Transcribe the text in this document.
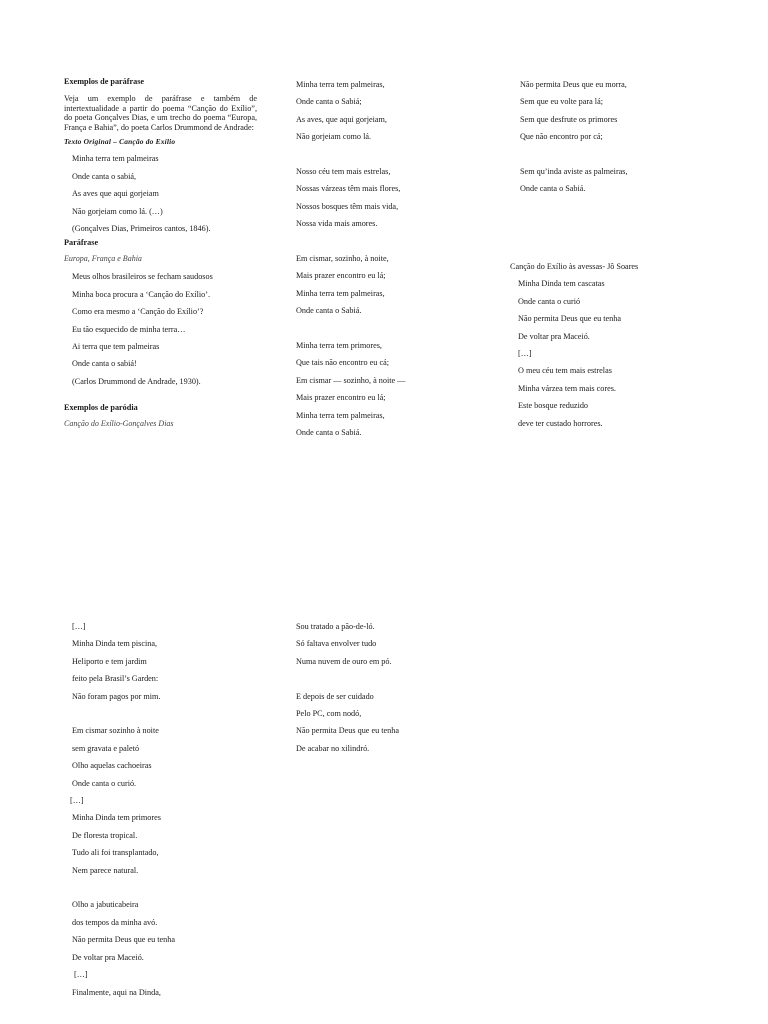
Exemplos de paráfrase
Veja um exemplo de paráfrase e também de intertextualidade a partir do poema “Canção do Exílio”, do poeta Gonçalves Dias, e um trecho do poema “Europa, França e Bahia”, do poeta Carlos Drummond de Andrade:
Texto Original – Canção do Exílio
Minha terra tem palmeiras
Onde canta o sabiá,
As aves que aqui gorjeiam
Não gorjeiam como lá. (…)
(Gonçalves Dias, Primeiros cantos, 1846).
Paráfrase
Europa, França e Bahia
Meus olhos brasileiros se fecham saudosos
Minha boca procura a ‘Canção do Exílio’.
Como era mesmo a ‘Canção do Exílio’?
Eu tão esquecido de minha terra…
Ai terra que tem palmeiras
Onde canta o sabiá!
(Carlos Drummond de Andrade, 1930).
Exemplos de paródia
Canção do Exílio-Gonçalves Dias
Minha terra tem palmeiras,
Onde canta o Sabiá;
As aves, que aqui gorjeiam,
Não gorjeiam como lá.
Nosso céu tem mais estrelas,
Nossas várzeas têm mais flores,
Nossos bosques têm mais vida,
Nossa vida mais amores.
Em cismar, sozinho, à noite,
Mais prazer encontro eu lá;
Minha terra tem palmeiras,
Onde canta o Sabiá.
Minha terra tem primores,
Que tais não encontro eu cá;
Em cismar — sozinho, à noite —
Mais prazer encontro eu lá;
Minha terra tem palmeiras,
Onde canta o Sabiá.
Não permita Deus que eu morra,
Sem que eu volte para lá;
Sem que desfrute os primores
Que não encontro por cá;
Sem qu’inda aviste as palmeiras,
Onde canta o Sabiá.
Canção do Exílio às avessas- Jô Soares
Minha Dinda tem cascatas
Onde canta o curió
Não permita Deus que eu tenha
De voltar pra Maceió.
[…]
O meu céu tem mais estrelas
Minha várzea tem mais cores.
Este bosque reduzido
deve ter custado horrores.
[…]
Minha Dinda tem piscina,
Heliporto e tem jardim
feito pela Brasil’s Garden:
Não foram pagos por mim.
Em cismar sozinho à noite
sem gravata e paletó
Olho aquelas cachoeiras
Onde canta o curió.
[…]
Minha Dinda tem primores
De floresta tropical.
Tudo ali foi transplantado,
Nem parece natural.
Olho a jabuticabeira
dos tempos da minha avó.
Não permita Deus que eu tenha
De voltar pra Maceió.
[…]
Finalmente, aqui na Dinda,
Sou tratado a pão-de-ló.
Só faltava envolver tudo
Numa nuvem de ouro em pó.
E depois de ser cuidado
Pelo PC, com nodó,
Não permita Deus que eu tenha
De acabar no xilindró.
